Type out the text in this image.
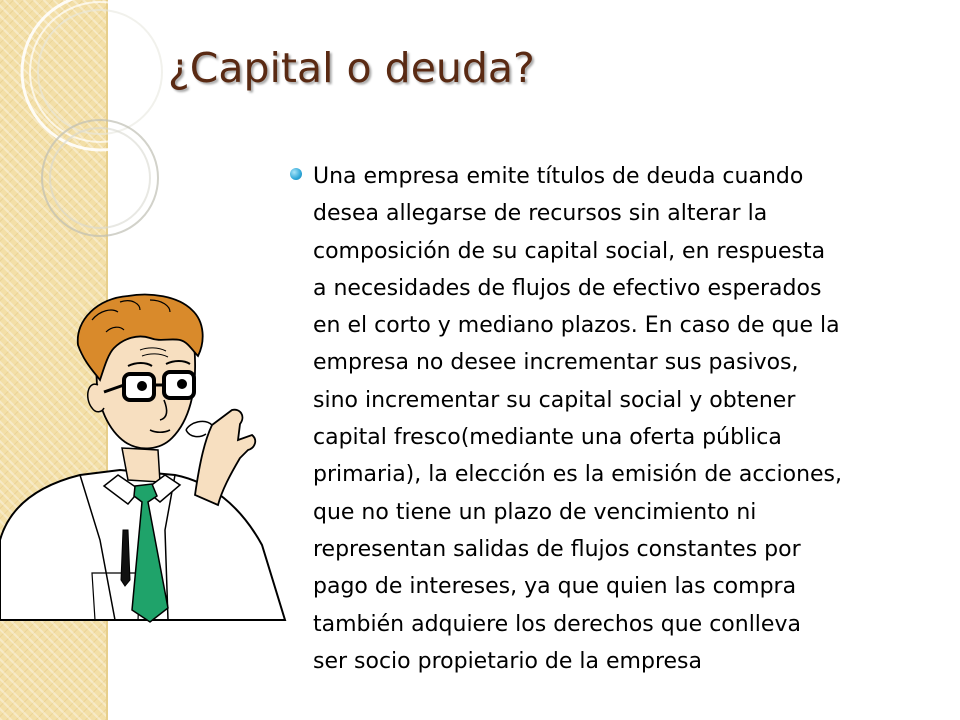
¿Capital o deuda?
Una empresa emite títulos de deuda cuando
desea allegarse de recursos sin alterar la
composición de su capital social, en respuesta
a necesidades de flujos de efectivo esperados
en el corto y mediano plazos. En caso de que la
empresa no desee incrementar sus pasivos,
sino incrementar su capital social y obtener
capital fresco(mediante una oferta pública
primaria), la elección es la emisión de acciones,
que no tiene un plazo de vencimiento ni
representan salidas de flujos constantes por
pago de intereses, ya que quien las compra
también adquiere los derechos que conlleva
ser socio propietario de la empresa
